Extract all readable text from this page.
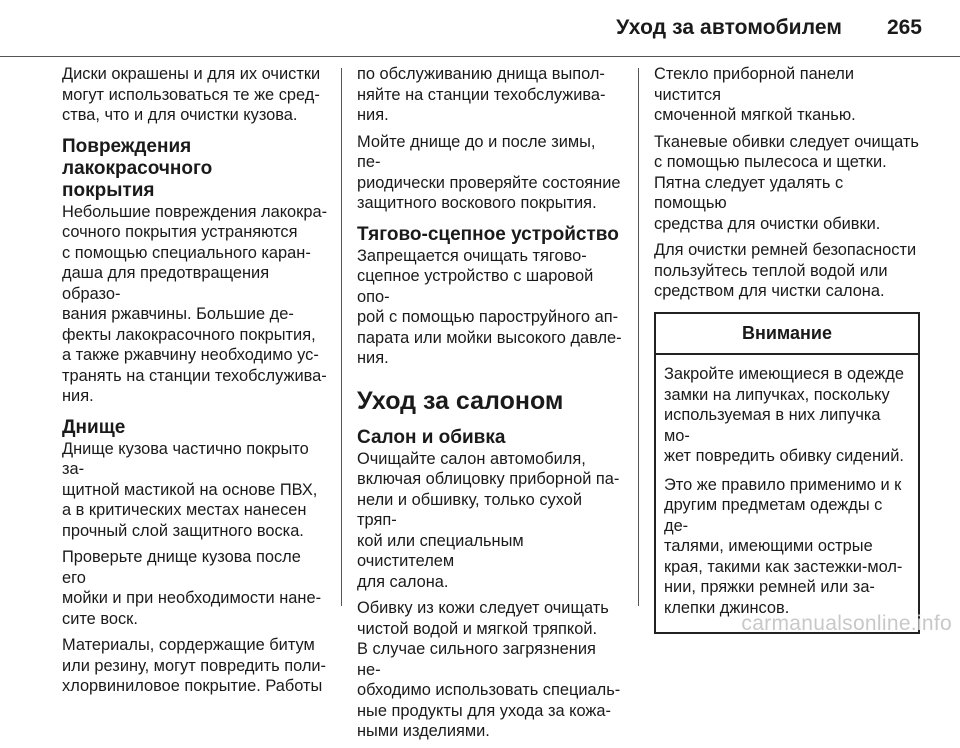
Уход за автомобилем 265

Диски окрашены и для их очистки
могут использоваться те же сред-
ства, что и для очистки кузова.

Повреждения лакокрасочного
покрытия

Небольшие повреждения лакокра-
сочного покрытия устраняются
с помощью специального каран-
даша для предотвращения образо-
вания ржавчины. Большие де-
фекты лакокрасочного покрытия,
а также ржавчину необходимо ус-
транять на станции техобслужива-
ния.

Днище

Днище кузова частично покрыто за-
щитной мастикой на основе ПВХ,
а в критических местах нанесен
прочный слой защитного воска.

Проверьте днище кузова после его
мойки и при необходимости нане-
сите воск.

Материалы, сордержащие битум
или резину, могут повредить поли-
хлорвиниловое покрытие. Работы

по обслуживанию днища выпол-
няйте на станции техобслужива-
ния.

Мойте днище до и после зимы, пе-
риодически проверяйте состояние
защитного воскового покрытия.

Тягово-сцепное устройство

Запрещается очищать тягово-
сцепное устройство с шаровой опо-
рой с помощью пароструйного ап-
парата или мойки высокого давле-
ния.

Уход за салоном
Салон и обивка

Очищайте салон автомобиля,
включая облицовку приборной па-
нели и обшивку, только сухой тряп-
кой или специальным очистителем
для салона.

Обивку из кожи следует очищать
чистой водой и мягкой тряпкой.
В случае сильного загрязнения не-
обходимо использовать специаль-
ные продукты для ухода за кожа-
ными изделиями.

Стекло приборной панели чистится
смоченной мягкой тканью.

Тканевые обивки следует очищать
с помощью пылесоса и щетки.
Пятна следует удалять с помощью
средства для очистки обивки.

Для очистки ремней безопасности
пользуйтесь теплой водой или
средством для чистки салона.

Внимание

Закройте имеющиеся в одежде
замки на липучках, поскольку
используемая в них липучка мо-
жет повредить обивку сидений.

Это же правило применимо и к
другим предметам одежды с де-
талями, имеющими острые
края, такими как застежки-мол-
нии, пряжки ремней или за-
клепки джинсов.

carmanualsonline.info
